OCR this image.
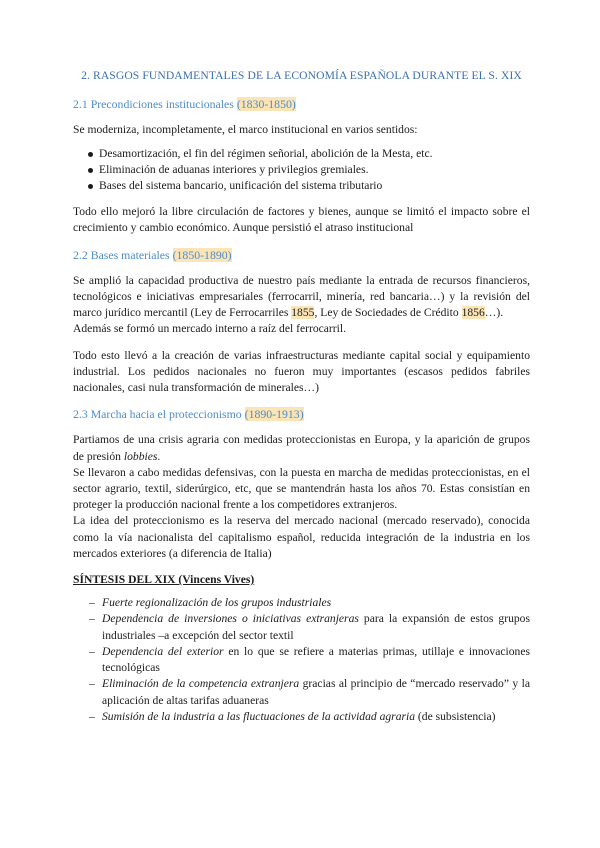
2. RASGOS FUNDAMENTALES DE LA ECONOMÍA ESPAÑOLA DURANTE EL S. XIX
2.1 Precondiciones institucionales (1830-1850)

Se moderniza, incompletamente, el marco institucional en varios sentidos:

Desamortización, el fin del régimen señorial, abolición de la Mesta, etc.
Eliminación de aduanas interiores y privilegios gremiales.
Bases del sistema bancario, unificación del sistema tributario

Todo ello mejoró la libre circulación de factores y bienes, aunque se limitó el impacto sobre el crecimiento y cambio económico. Aunque persistió el atraso institucional

2.2 Bases materiales (1850-1890)

Se amplió la capacidad productiva de nuestro país mediante la entrada de recursos financieros, tecnológicos e iniciativas empresariales (ferrocarril, minería, red bancaria…) y la revisión del marco jurídico mercantil (Ley de Ferrocarriles 1855, Ley de Sociedades de Crédito 1856…).

Además se formó un mercado interno a raíz del ferrocarril.

Todo esto llevó a la creación de varias infraestructuras mediante capital social y equipamiento industrial. Los pedidos nacionales no fueron muy importantes (escasos pedidos fabriles nacionales, casi nula transformación de minerales…)

2.3 Marcha hacia el proteccionismo (1890-1913)

Partiamos de una crisis agraria con medidas proteccionistas en Europa, y la aparición de grupos de presión lobbies.

Se llevaron a cabo medidas defensivas, con la puesta en marcha de medidas proteccionistas, en el sector agrario, textil, siderúrgico, etc, que se mantendrán hasta los años 70. Estas consistían en proteger la producción nacional frente a los competidores extranjeros.

La idea del proteccionismo es la reserva del mercado nacional (mercado reservado), conocida como la vía nacionalista del capitalismo español, reducida integración de la industria en los mercados exteriores (a diferencia de Italia)

SÍNTESIS DEL XIX (Vincens Vives)

– Fuerte regionalización de los grupos industriales
– Dependencia de inversiones o iniciativas extranjeras para la expansión de estos grupos industriales –a excepción del sector textil
– Dependencia del exterior en lo que se refiere a materias primas, utillaje e innovaciones tecnológicas
– Eliminación de la competencia extranjera gracias al principio de “mercado reservado” y la aplicación de altas tarifas aduaneras
– Sumisión de la industria a las fluctuaciones de la actividad agraria (de subsistencia)
